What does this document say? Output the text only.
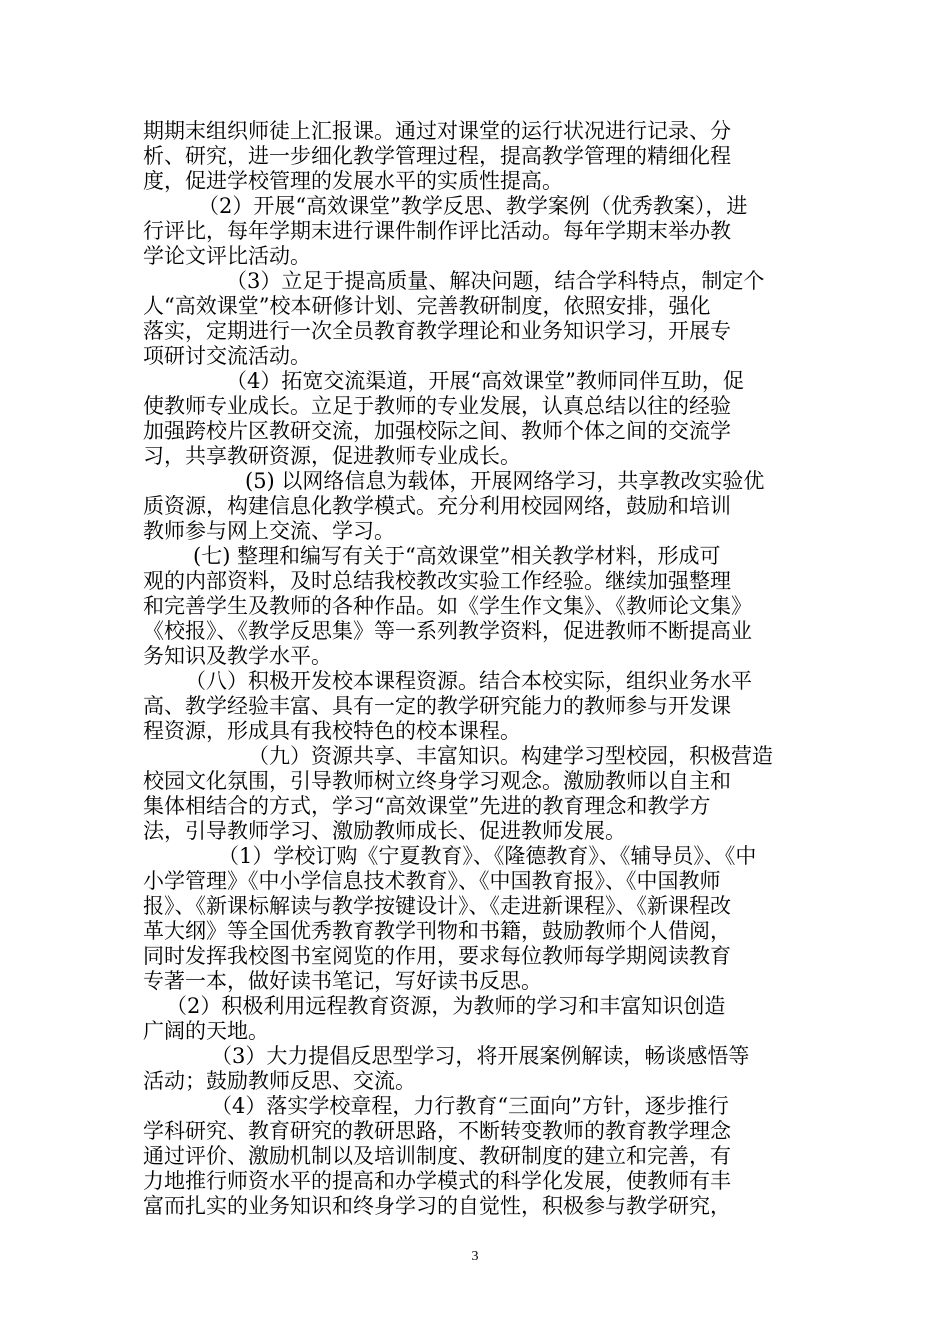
期期末组织师徒上汇报课。通过对课堂的运行状况进行记录、分
析、研究，进一步细化教学管理过程，提高教学管理的精细化程
度，促进学校管理的发展水平的实质性提高。
（2）开展“高效课堂”教学反思、教学案例（优秀教案），进
行评比，每年学期末进行课件制作评比活动。每年学期末举办教
学论文评比活动。
（3）立足于提高质量、解决问题，结合学科特点，制定个
人“高效课堂”校本研修计划、完善教研制度，依照安排，强化
落实，定期进行一次全员教育教学理论和业务知识学习，开展专
项研讨交流活动。
（4）拓宽交流渠道，开展“高效课堂”教师同伴互助，促
使教师专业成长。立足于教师的专业发展，认真总结以往的经验
加强跨校片区教研交流，加强校际之间、教师个体之间的交流学
习，共享教研资源，促进教师专业成长。
(5) 以网络信息为载体，开展网络学习，共享教改实验优
质资源，构建信息化教学模式。充分利用校园网络，鼓励和培训
教师参与网上交流、学习。
(七) 整理和编写有关于“高效课堂”相关教学材料，形成可
观的内部资料，及时总结我校教改实验工作经验。继续加强整理
和完善学生及教师的各种作品。如《学生作文集》、《教师论文集》
《校报》、《教学反思集》等一系列教学资料，促进教师不断提高业
务知识及教学水平。
（八）积极开发校本课程资源。结合本校实际，组织业务水平
高、教学经验丰富、具有一定的教学研究能力的教师参与开发课
程资源，形成具有我校特色的校本课程。
（九）资源共享、丰富知识。构建学习型校园，积极营造
校园文化氛围，引导教师树立终身学习观念。激励教师以自主和
集体相结合的方式，学习“高效课堂”先进的教育理念和教学方
法，引导教师学习、激励教师成长、促进教师发展。
（1）学校订购《宁夏教育》、《隆德教育》、《辅导员》、《中
小学管理》《中小学信息技术教育》、《中国教育报》、《中国教师
报》、《新课标解读与教学按键设计》、《走进新课程》、《新课程改
革大纲》等全国优秀教育教学刊物和书籍，鼓励教师个人借阅，
同时发挥我校图书室阅览的作用，要求每位教师每学期阅读教育
专著一本，做好读书笔记，写好读书反思。
（2）积极利用远程教育资源，为教师的学习和丰富知识创造
广阔的天地。
（3）大力提倡反思型学习，将开展案例解读，畅谈感悟等
活动；鼓励教师反思、交流。
（4）落实学校章程，力行教育“三面向”方针，逐步推行
学科研究、教育研究的教研思路，不断转变教师的教育教学理念
通过评价、激励机制以及培训制度、教研制度的建立和完善，有
力地推行师资水平的提高和办学模式的科学化发展，使教师有丰
富而扎实的业务知识和终身学习的自觉性，积极参与教学研究，
3
